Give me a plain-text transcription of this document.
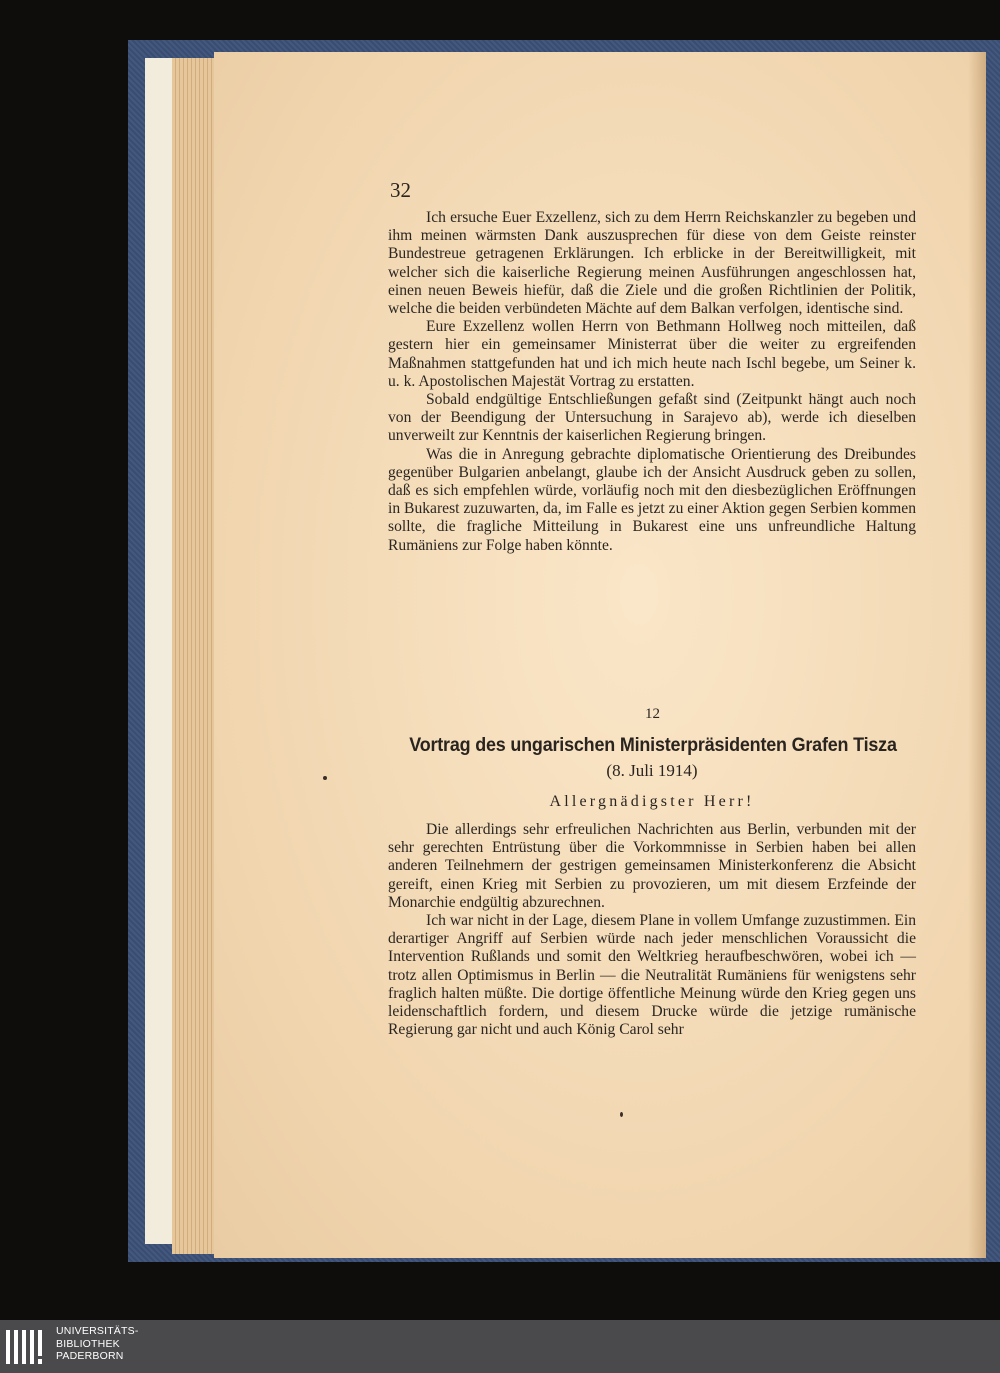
32

Ich ersuche Euer Exzellenz, sich zu dem Herrn Reichskanzler zu begeben und ihm meinen wärmsten Dank auszusprechen für diese von dem Geiste reinster Bundestreue getragenen Erklärungen. Ich erblicke in der Bereitwilligkeit, mit welcher sich die kaiserliche Regierung meinen Ausführungen angeschlossen hat, einen neuen Beweis hiefür, daß die Ziele und die großen Richtlinien der Politik, welche die beiden verbündeten Mächte auf dem Balkan verfolgen, identische sind.

Eure Exzellenz wollen Herrn von Bethmann Hollweg noch mitteilen, daß gestern hier ein gemeinsamer Ministerrat über die weiter zu ergreifenden Maßnahmen stattgefunden hat und ich mich heute nach Ischl begebe, um Seiner k. u. k. Apostolischen Majestät Vortrag zu erstatten.

Sobald endgültige Entschließungen gefaßt sind (Zeitpunkt hängt auch noch von der Beendigung der Untersuchung in Sarajevo ab), werde ich dieselben unverweilt zur Kenntnis der kaiserlichen Regierung bringen.

Was die in Anregung gebrachte diplomatische Orientierung des Dreibundes gegenüber Bulgarien anbelangt, glaube ich der Ansicht Ausdruck geben zu sollen, daß es sich empfehlen würde, vorläufig noch mit den diesbezüglichen Eröffnungen in Bukarest zuzuwarten, da, im Falle es jetzt zu einer Aktion gegen Serbien kommen sollte, die fragliche Mitteilung in Bukarest eine uns unfreundliche Haltung Rumäniens zur Folge haben könnte.

12
Vortrag des ungarischen Ministerpräsidenten Grafen Tisza
(8. Juli 1914)
Allergnädigster Herr!

Die allerdings sehr erfreulichen Nachrichten aus Berlin, verbunden mit der sehr gerechten Entrüstung über die Vorkommnisse in Serbien haben bei allen anderen Teilnehmern der gestrigen gemeinsamen Ministerkonferenz die Absicht gereift, einen Krieg mit Serbien zu provozieren, um mit diesem Erzfeinde der Monarchie endgültig abzurechnen.

Ich war nicht in der Lage, diesem Plane in vollem Umfange zuzustimmen. Ein derartiger Angriff auf Serbien würde nach jeder menschlichen Voraussicht die Intervention Rußlands und somit den Weltkrieg heraufbeschwören, wobei ich — trotz allen Optimismus in Berlin — die Neutralität Rumäniens für wenigstens sehr fraglich halten müßte. Die dortige öffentliche Meinung würde den Krieg gegen uns leidenschaftlich fordern, und diesem Drucke würde die jetzige rumänische Regierung gar nicht und auch König Carol sehr

UNIVERSITÄTS-
BIBLIOTHEK
PADERBORN
